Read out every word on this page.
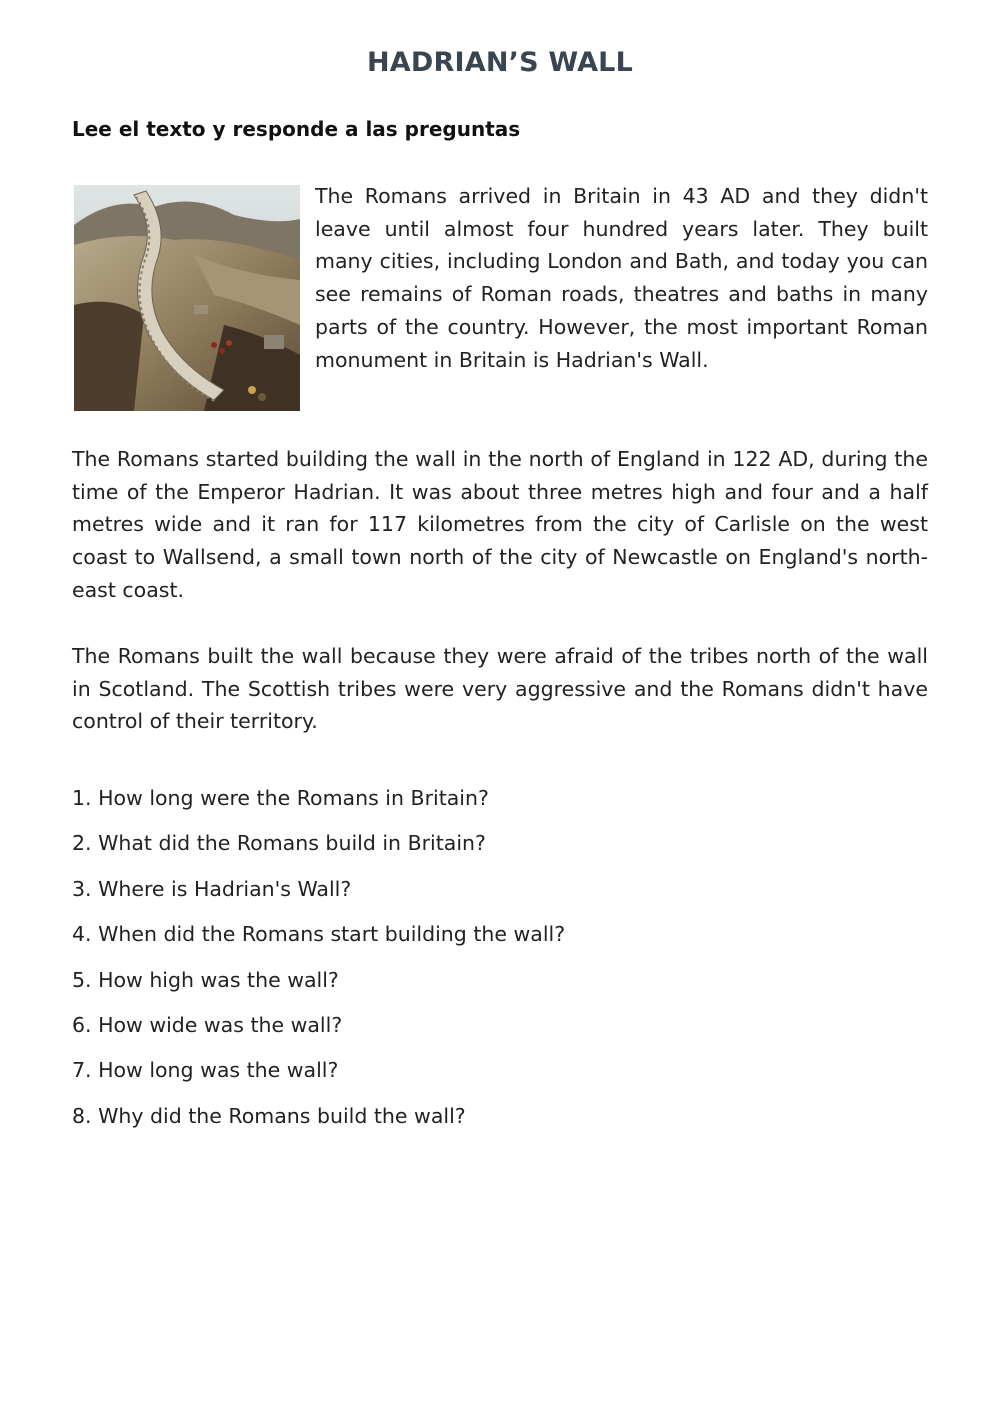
HADRIAN’S WALL
Lee el texto y responde a las preguntas

The Romans arrived in Britain in 43 AD and they didn't leave until almost four hundred years later. They built many cities, including London and Bath, and today you can see remains of Roman roads, theatres and baths in many parts of the country. However, the most important Roman monument in Britain is Hadrian's Wall.

The Romans started building the wall in the north of England in 122 AD, during the time of the Emperor Hadrian. It was about three metres high and four and a half metres wide and it ran for 117 kilometres from the city of Carlisle on the west coast to Wallsend, a small town north of the city of Newcastle on England's north-east coast.

The Romans built the wall because they were afraid of the tribes north of the wall in Scotland. The Scottish tribes were very aggressive and the Romans didn't have control of their territory.

1. How long were the Romans in Britain?
2. What did the Romans build in Britain?
3. Where is Hadrian's Wall?
4. When did the Romans start building the wall?
5. How high was the wall?
6. How wide was the wall?
7. How long was the wall?
8. Why did the Romans build the wall?
